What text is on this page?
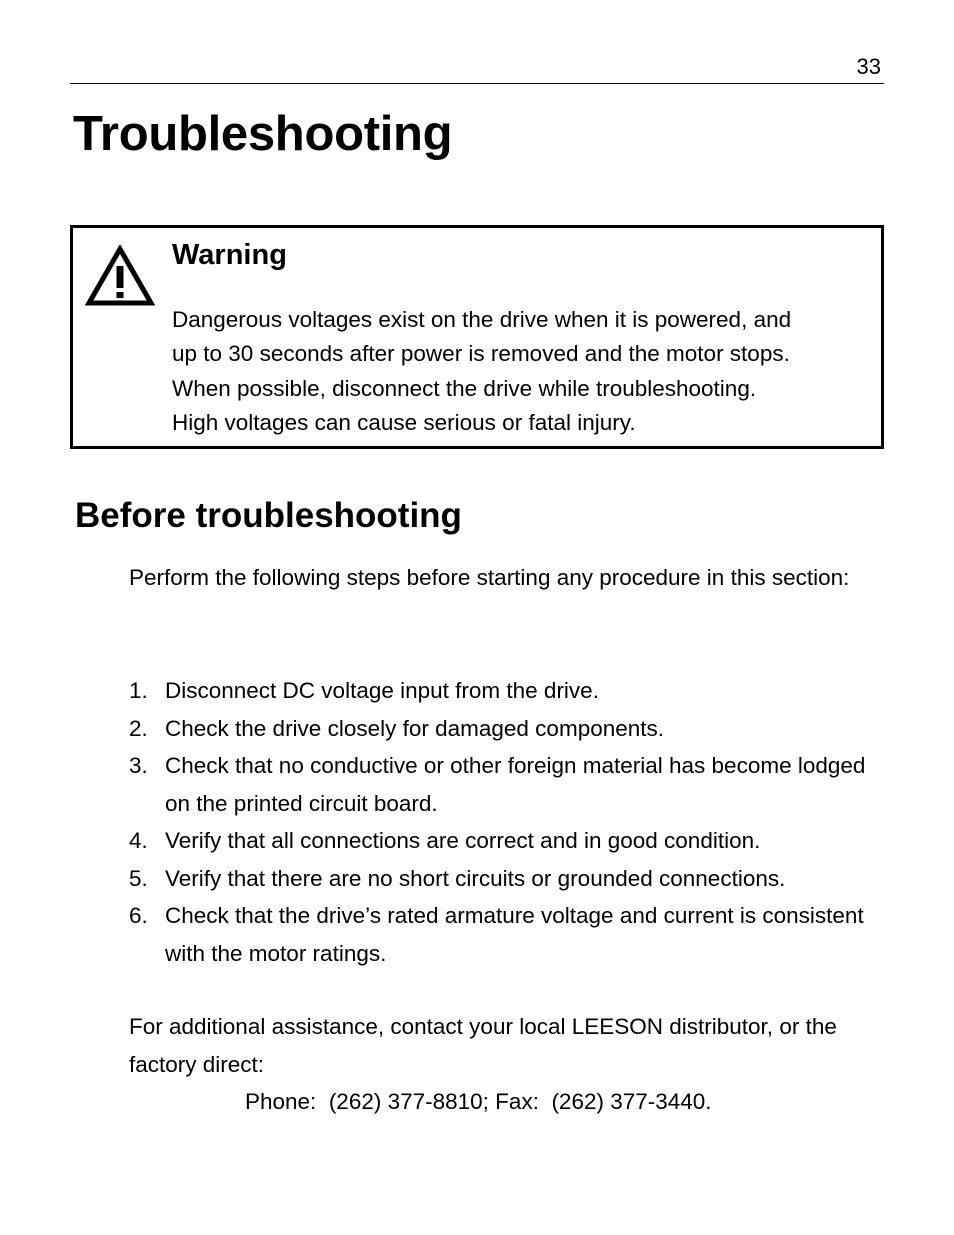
33
Troubleshooting
Warning

Dangerous voltages exist on the drive when it is powered, and
up to 30 seconds after power is removed and the motor stops.
When possible, disconnect the drive while troubleshooting.
High voltages can cause serious or fatal injury.

Before troubleshooting

Perform the following steps before starting any procedure in this section:

1. Disconnect DC voltage input from the drive.
2. Check the drive closely for damaged components.
3. Check that no conductive or other foreign material has become lodged on the printed circuit board.
4. Verify that all connections are correct and in good condition.
5. Verify that there are no short circuits or grounded connections.
6. Check that the drive’s rated armature voltage and current is consistent with the motor ratings.

For additional assistance, contact your local LEESON distributor, or the factory direct:

Phone:  (262) 377-8810; Fax:  (262) 377-3440.
